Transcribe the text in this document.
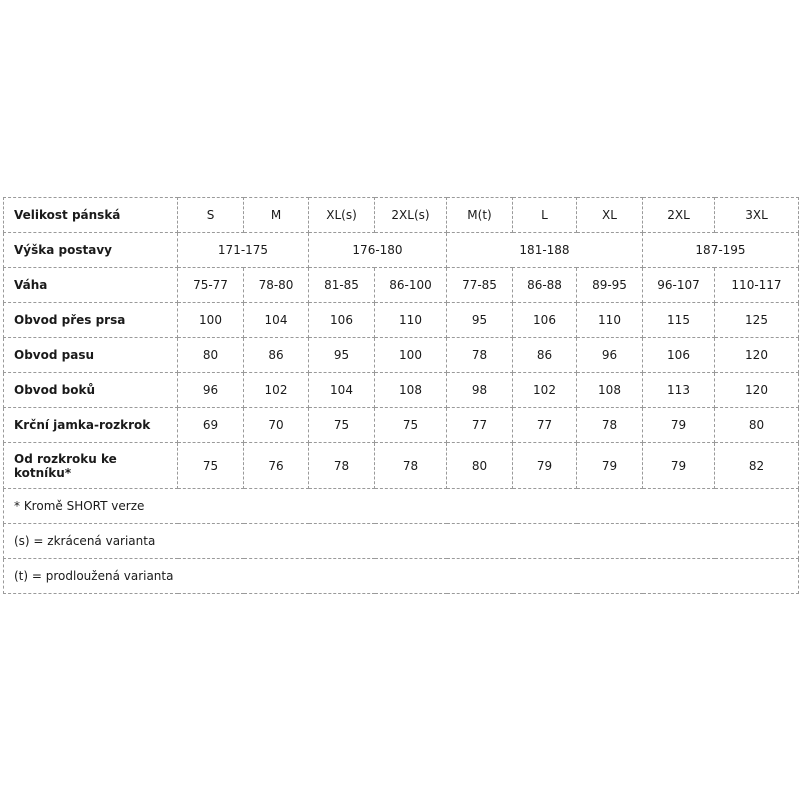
Velikost pánská	S	M	XL(s)	2XL(s)	M(t)	L	XL	2XL	3XL
Výška postavy	171-175		176-180		181-188			187-195	
Váha	75-77	78-80	81-85	86-100	77-85	86-88	89-95	96-107	110-117
Obvod přes prsa	100	104	106	110	95	106	110	115	125
Obvod pasu	80	86	95	100	78	86	96	106	120
Obvod boků	96	102	104	108	98	102	108	113	120
Krční jamka-rozkrok	69	70	75	75	77	77	78	79	80
Od rozkroku ke kotníku*	75	76	78	78	80	79	79	79	82
* Kromě SHORT verze									
(s) = zkrácená varianta									
(t) = prodloužená varianta									
